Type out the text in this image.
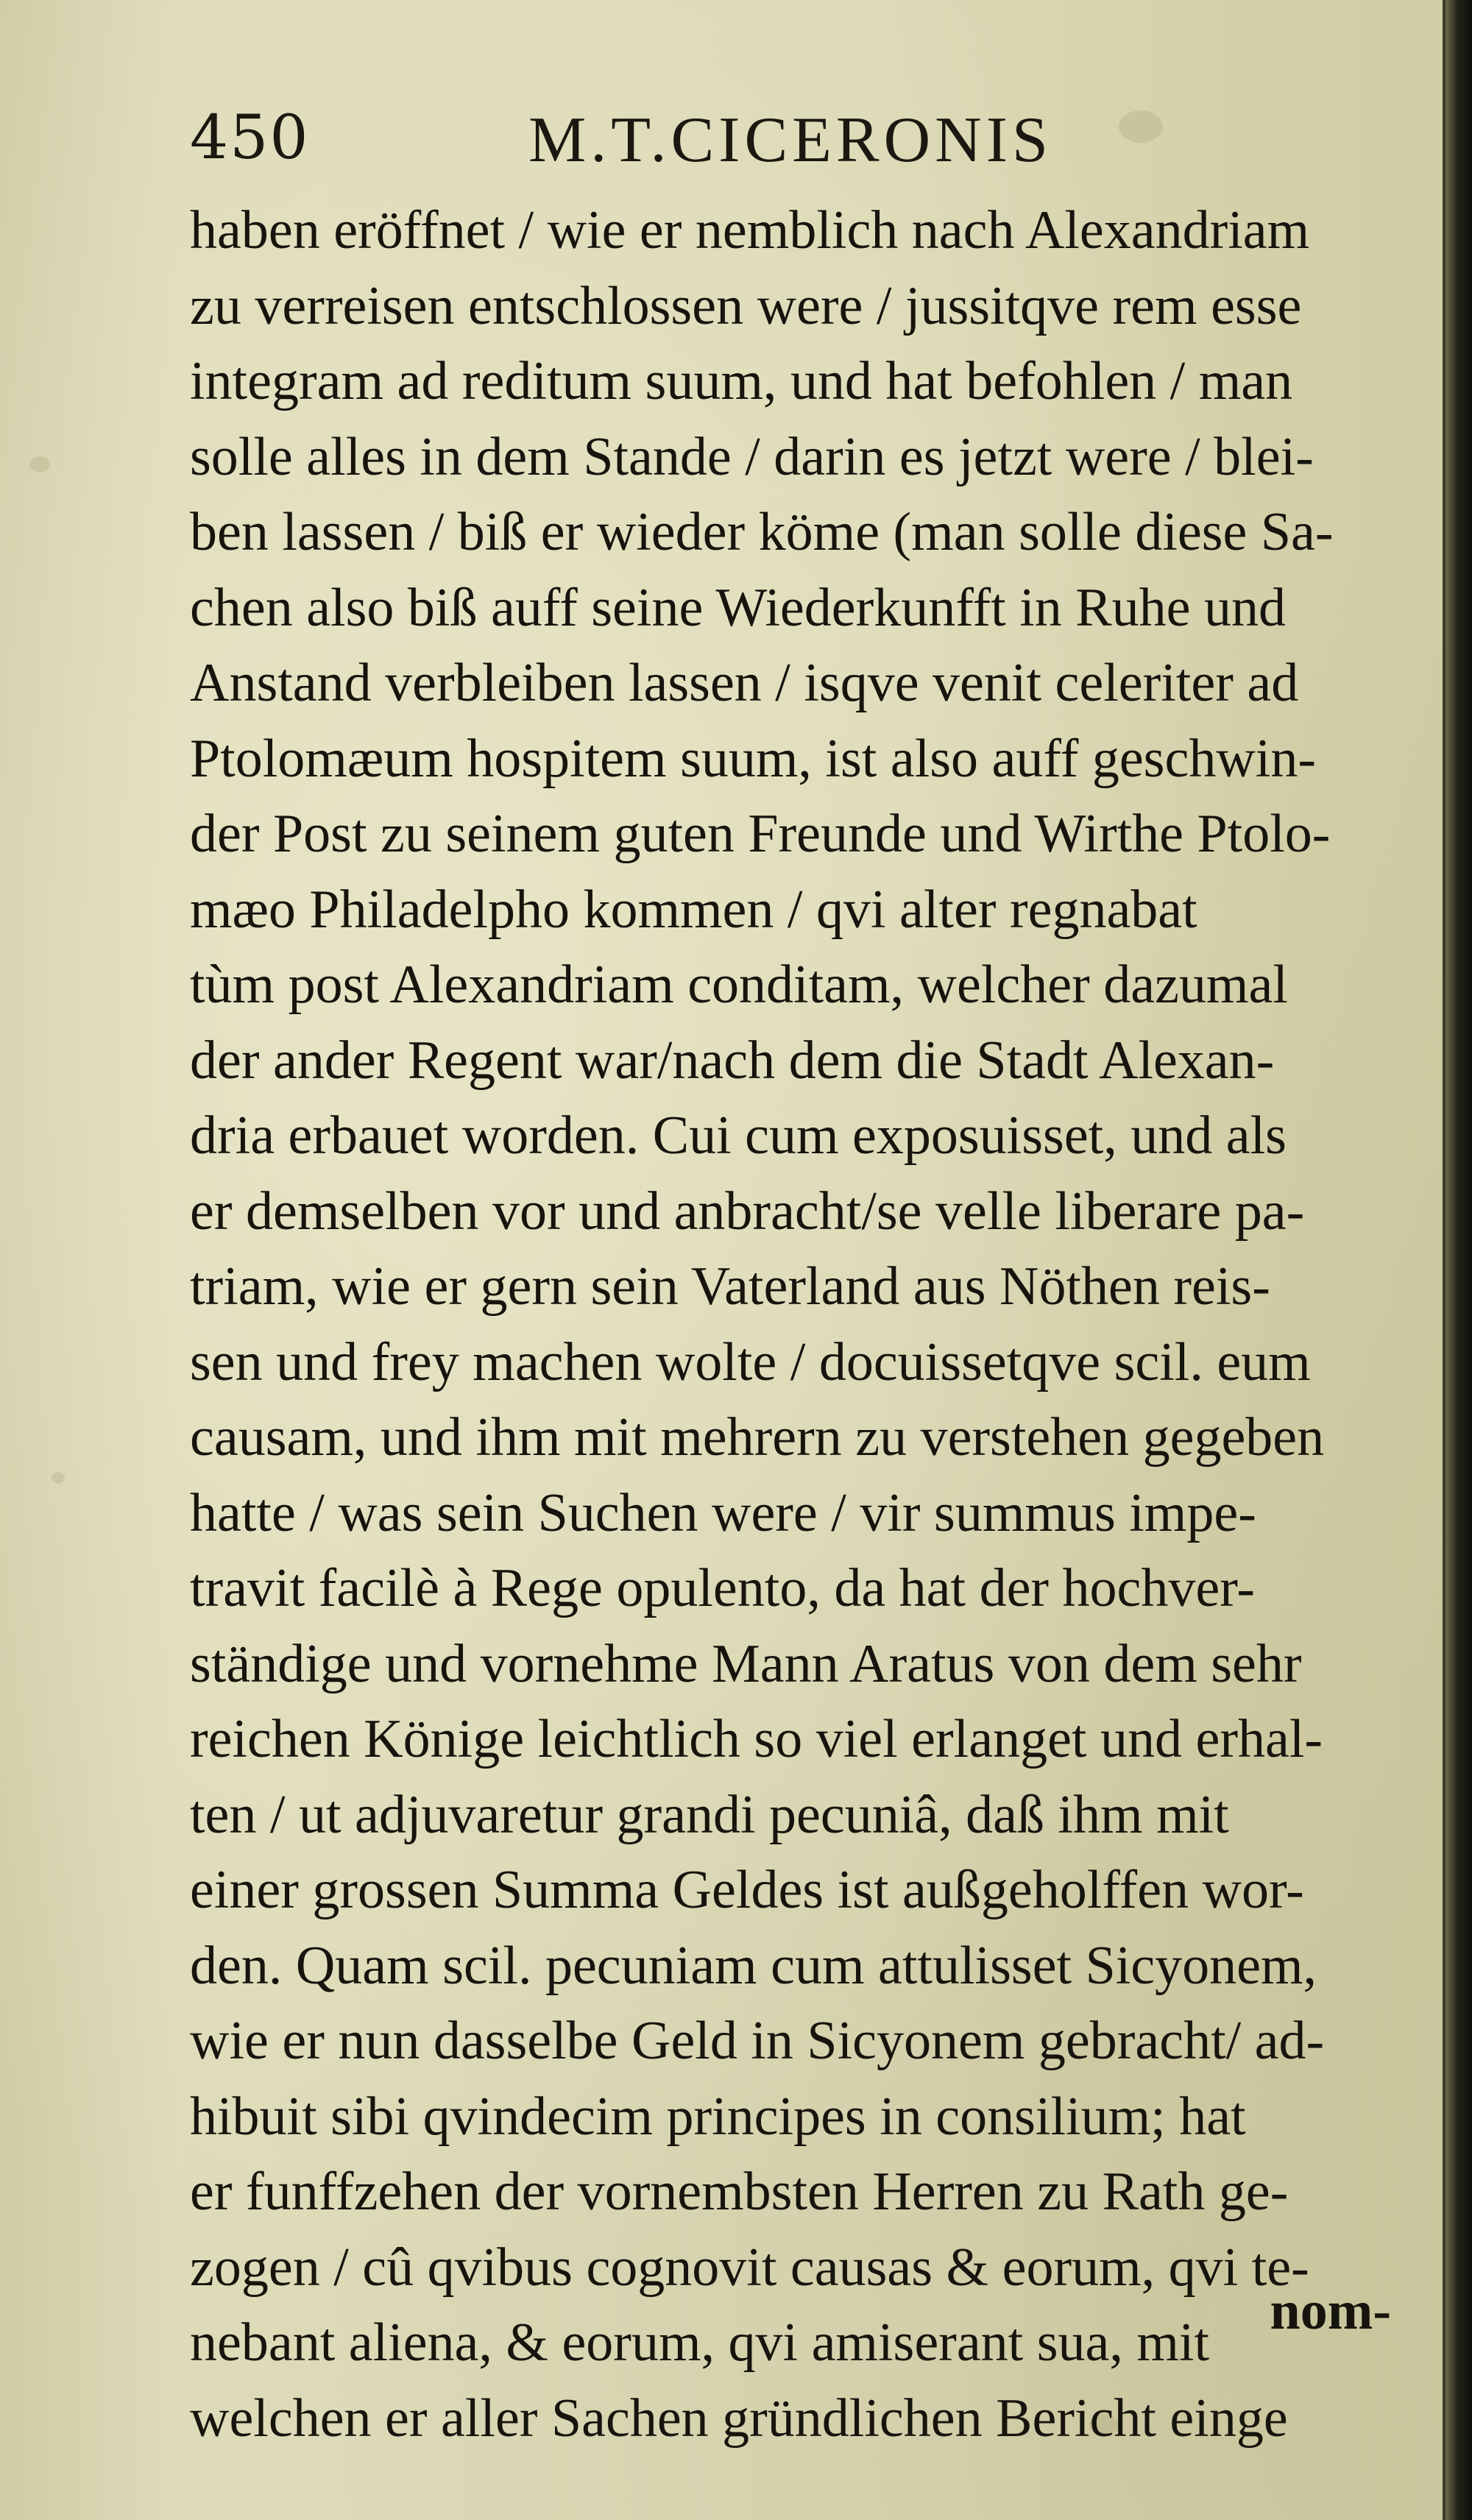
450	M.T.CICERONIS
haben eröffnet / wie er nemblich nach Alexandriam
zu verreisen entschlossen were / jussitqve rem esse
integram ad reditum suum, und hat befohlen / man
solle alles in dem Stande / darin es jetzt were / blei-
ben lassen / biß er wieder köme (man solle diese Sa-
chen also biß auff seine Wiederkunfft in Ruhe und
Anstand verbleiben lassen / isqve venit celeriter ad
Ptolomæum hospitem suum, ist also auff geschwin-
der Post zu seinem guten Freunde und Wirthe Ptolo-
mæo Philadelpho kommen / qvi alter regnabat
tùm post Alexandriam conditam, welcher dazumal
der ander Regent war/nach dem die Stadt Alexan-
dria erbauet worden. Cui cum exposuisset, und als
er demselben vor und anbracht/se velle liberare pa-
triam, wie er gern sein Vaterland aus Nöthen reis-
sen und frey machen wolte / docuissetqve scil. eum
causam, und ihm mit mehrern zu verstehen gegeben
hatte / was sein Suchen were / vir summus impe-
travit facilè à Rege opulento, da hat der hochver-
ständige und vornehme Mann Aratus von dem sehr
reichen Könige leichtlich so viel erlanget und erhal-
ten / ut adjuvaretur grandi pecuniâ, daß ihm mit
einer grossen Summa Geldes ist außgeholffen wor-
den. Quam scil. pecuniam cum attulisset Sicyonem,
wie er nun dasselbe Geld in Sicyonem gebracht/ ad-
hibuit sibi qvindecim principes in consilium; hat
er funffzehen der vornembsten Herren zu Rath ge-
zogen / cû qvibus cognovit causas & eorum, qvi te-
nebant aliena, & eorum, qvi amiserant sua, mit
welchen er aller Sachen gründlichen Bericht einge
nom-
